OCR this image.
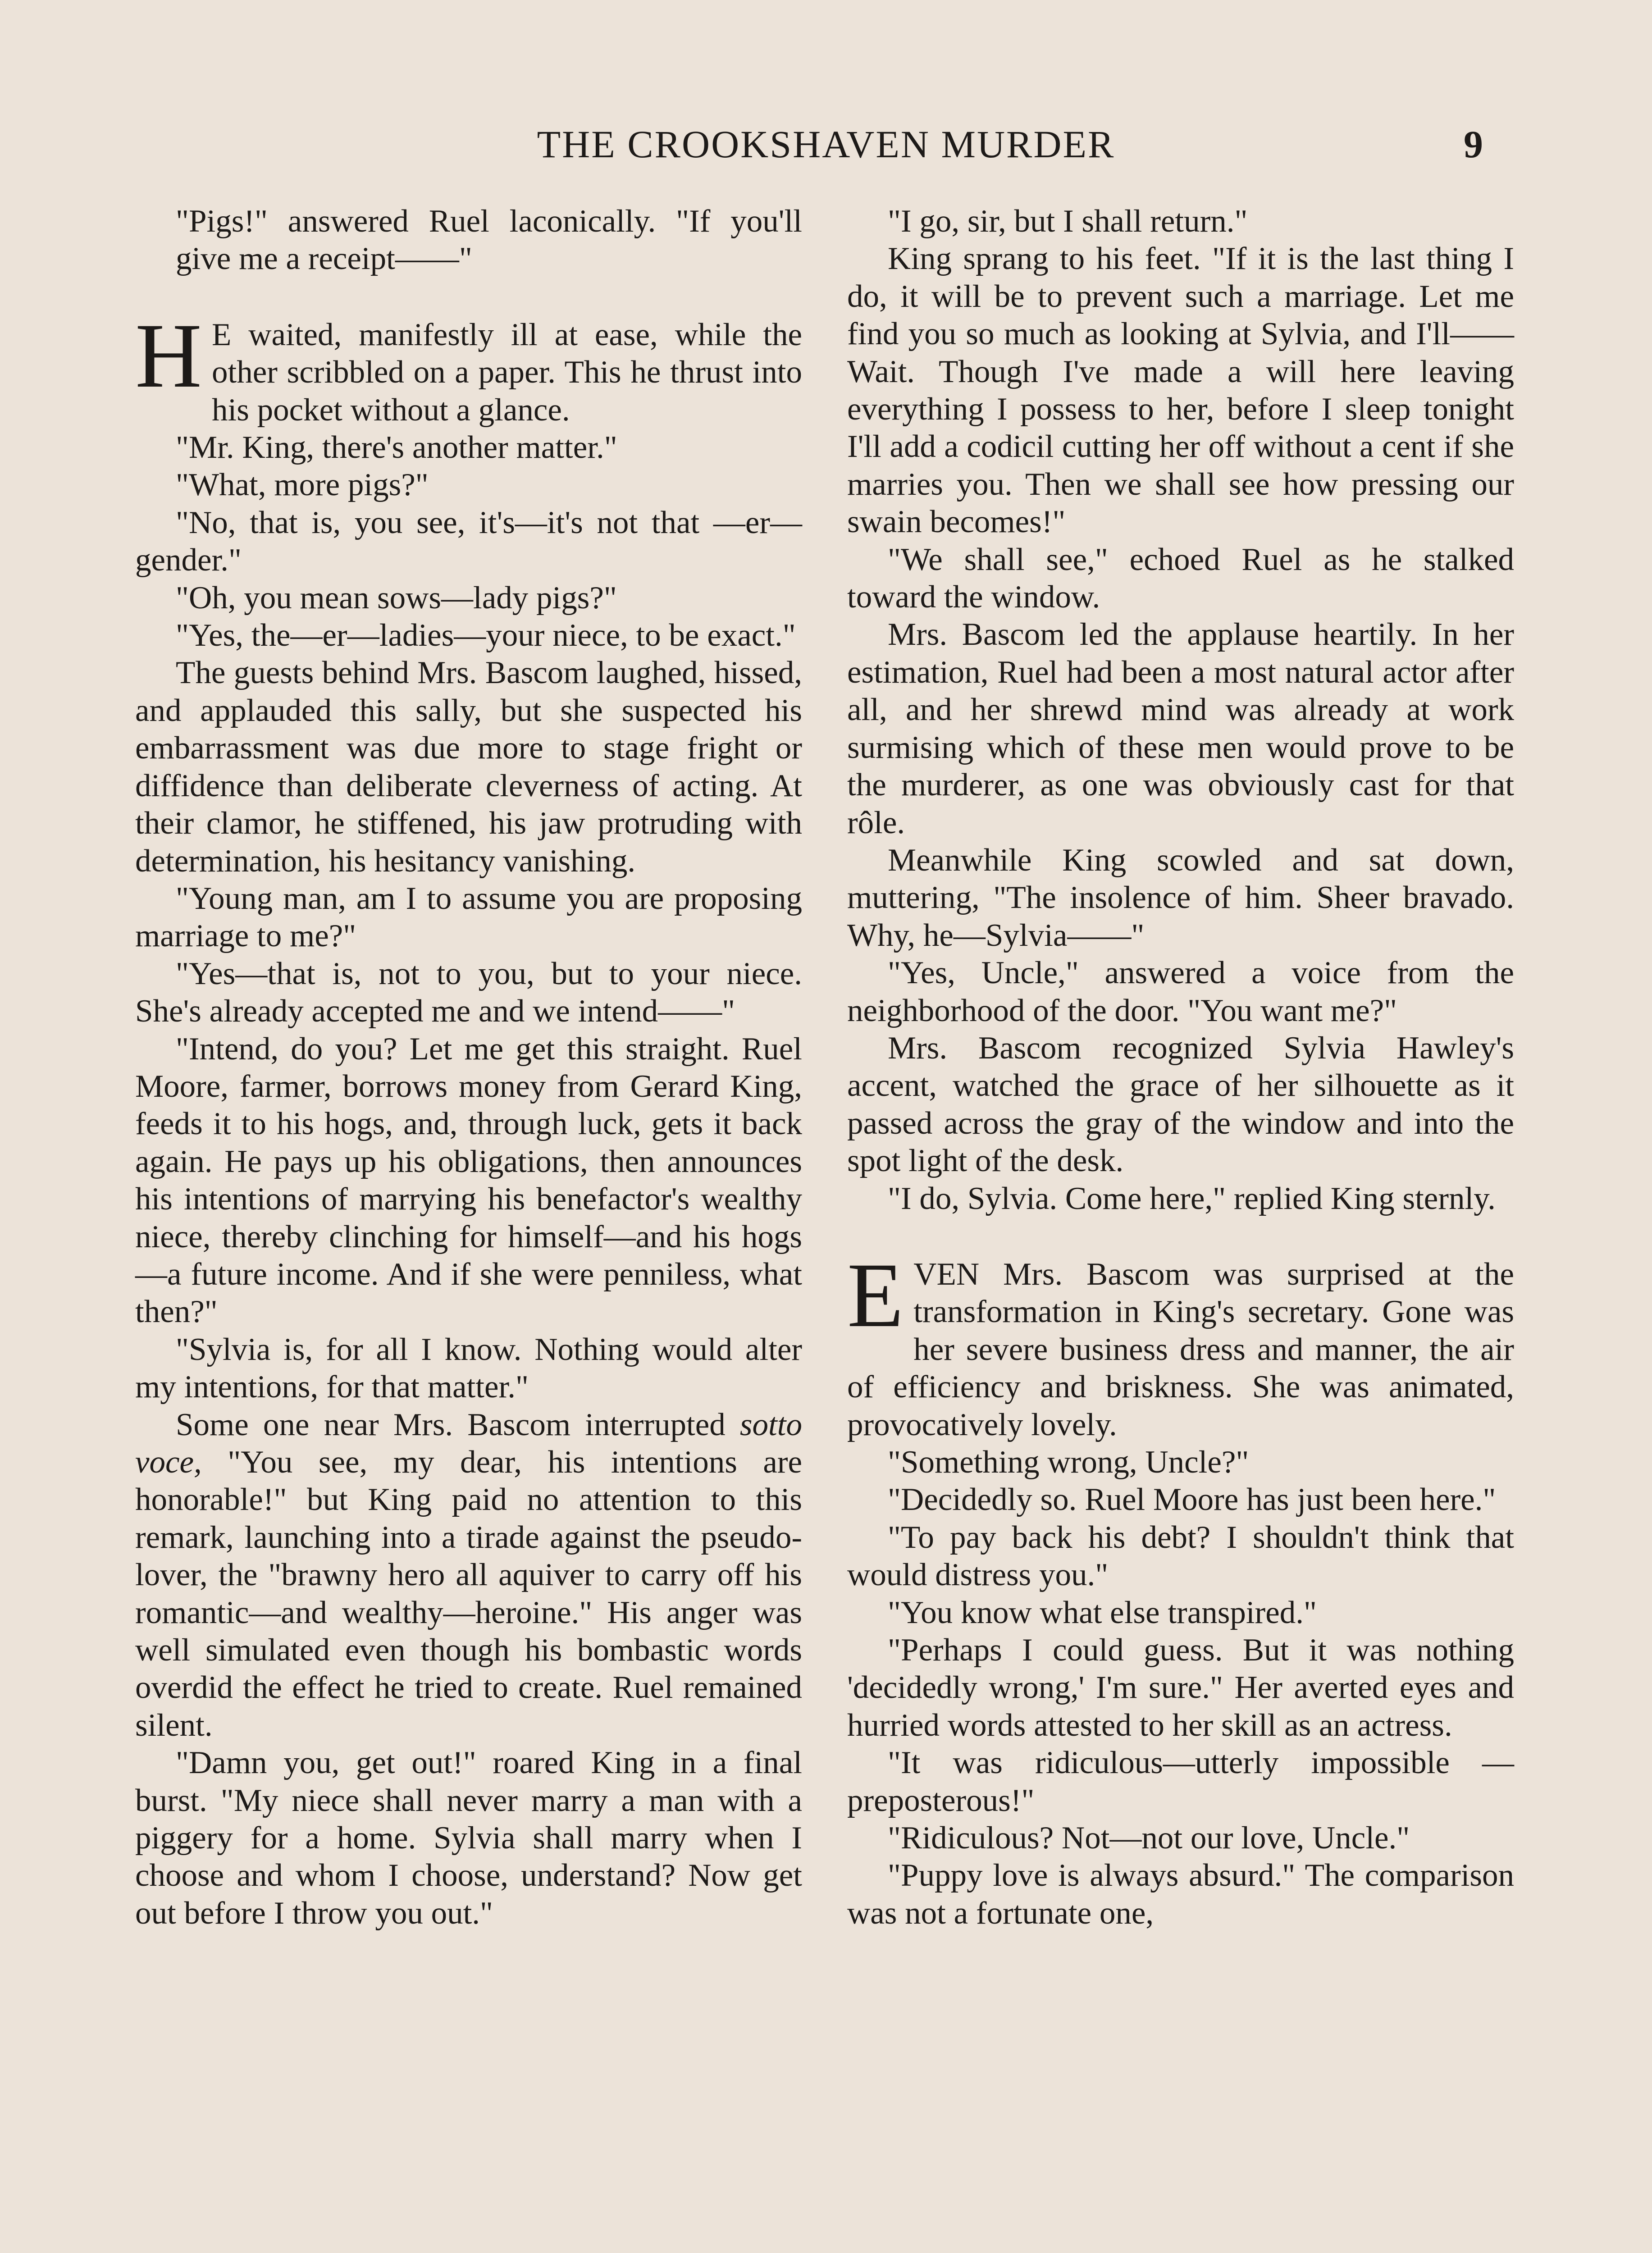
THE CROOKSHAVEN MURDER	9

"Pigs!" answered Ruel laconically. "If you'll give me a receipt——"

H E waited, manifestly ill at ease, while the other scribbled on a paper. This he thrust into his pocket without a glance.

"Mr. King, there's another matter."

"What, more pigs?"

"No, that is, you see, it's—it's not that —er—gender."

"Oh, you mean sows—lady pigs?"

"Yes, the—er—ladies—your niece, to be exact."

The guests behind Mrs. Bascom laughed, hissed, and applauded this sally, but she suspected his embarrassment was due more to stage fright or diffidence than deliberate cleverness of acting. At their clamor, he stiffened, his jaw protruding with determination, his hesitancy vanishing.

"Young man, am I to assume you are proposing marriage to me?"

"Yes—that is, not to you, but to your niece. She's already accepted me and we intend——"

"Intend, do you? Let me get this straight. Ruel Moore, farmer, borrows money from Gerard King, feeds it to his hogs, and, through luck, gets it back again. He pays up his obligations, then announces his intentions of marrying his benefactor's wealthy niece, thereby clinching for himself—and his hogs—a future income. And if she were penniless, what then?"

"Sylvia is, for all I know. Nothing would alter my intentions, for that matter."

Some one near Mrs. Bascom interrupted sotto voce, "You see, my dear, his intentions are honorable!" but King paid no attention to this remark, launching into a tirade against the pseudo-lover, the "brawny hero all aquiver to carry off his romantic—and wealthy—heroine." His anger was well simulated even though his bombastic words overdid the effect he tried to create. Ruel remained silent.

"Damn you, get out!" roared King in a final burst. "My niece shall never marry a man with a piggery for a home. Sylvia shall marry when I choose and whom I choose, understand? Now get out before I throw you out."

"I go, sir, but I shall return."

King sprang to his feet. "If it is the last thing I do, it will be to prevent such a marriage. Let me find you so much as looking at Sylvia, and I'll—— Wait. Though I've made a will here leaving everything I possess to her, before I sleep tonight I'll add a codicil cutting her off without a cent if she marries you. Then we shall see how pressing our swain becomes!"

"We shall see," echoed Ruel as he stalked toward the window.

Mrs. Bascom led the applause heartily. In her estimation, Ruel had been a most natural actor after all, and her shrewd mind was already at work surmising which of these men would prove to be the murderer, as one was obviously cast for that rôle.

Meanwhile King scowled and sat down, muttering, "The insolence of him. Sheer bravado. Why, he—Sylvia——"

"Yes, Uncle," answered a voice from the neighborhood of the door. "You want me?"

Mrs. Bascom recognized Sylvia Hawley's accent, watched the grace of her silhouette as it passed across the gray of the window and into the spot light of the desk.

"I do, Sylvia. Come here," replied King sternly.

EVEN Mrs. Bascom was surprised at the transformation in King's secretary. Gone was her severe business dress and manner, the air of efficiency and briskness. She was animated, provocatively lovely.

"Something wrong, Uncle?"

"Decidedly so. Ruel Moore has just been here."

"To pay back his debt? I shouldn't think that would distress you."

"You know what else transpired."

"Perhaps I could guess. But it was nothing 'decidedly wrong,' I'm sure." Her averted eyes and hurried words attested to her skill as an actress.

"It was ridiculous—utterly impossible —preposterous!"

"Ridiculous? Not—not our love, Uncle."

"Puppy love is always absurd." The comparison was not a fortunate one,
